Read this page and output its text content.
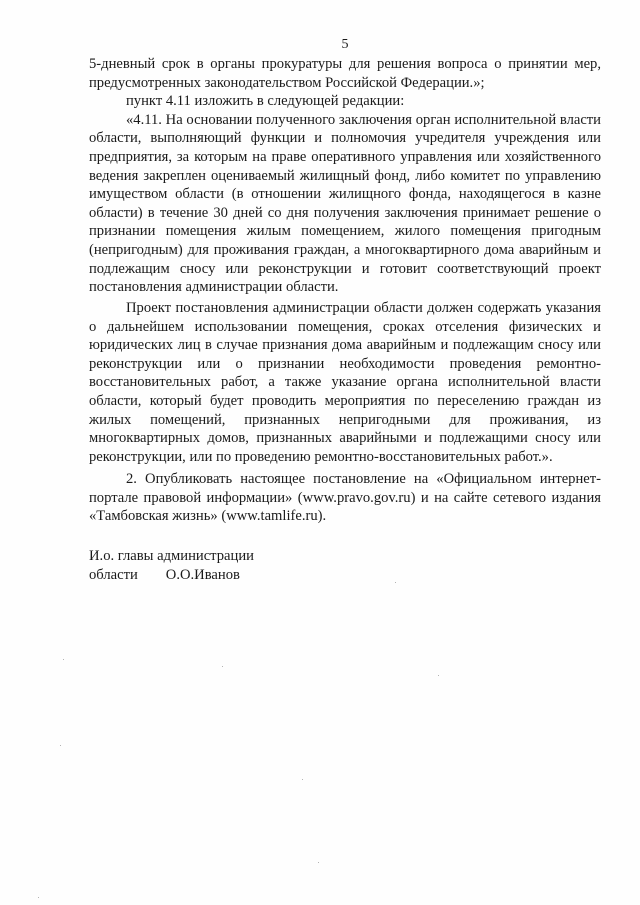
5

5-дневный срок в органы прокуратуры для решения вопроса о принятии мер, предусмотренных законодательством Российской Федерации.»;

пункт 4.11 изложить в следующей редакции:

«4.11. На основании полученного заключения орган исполнительной власти области, выполняющий функции и полномочия учредителя учреждения или предприятия, за которым на праве оперативного управления или хозяйственного ведения закреплен оцениваемый жилищный фонд, либо комитет по управлению имуществом области (в отношении жилищного фонда, находящегося в казне области) в течение 30 дней со дня получения заключения принимает решение о признании помещения жилым помещением, жилого помещения пригодным (непригодным) для проживания граждан, а многоквартирного дома аварийным и подлежащим сносу или реконструкции и готовит соответствующий проект постановления администрации области.

Проект постановления администрации области должен содержать указания о дальнейшем использовании помещения, сроках отселения физических и юридических лиц в случае признания дома аварийным и подлежащим сносу или реконструкции или о признании необходимости проведения ремонтно-восстановительных работ, а также указание органа исполнительной власти области, который будет проводить мероприятия по переселению граждан из жилых помещений, признанных непригодными для проживания, из многоквартирных домов, признанных аварийными и подлежащими сносу или реконструкции, или по проведению ремонтно-восстановительных работ.».

2. Опубликовать настоящее постановление на «Официальном интернет-портале правовой информации» (www.pravo.gov.ru) и на сайте сетевого издания «Тамбовская жизнь» (www.tamlife.ru).

И.о. главы администрации
области О.О.Иванов
